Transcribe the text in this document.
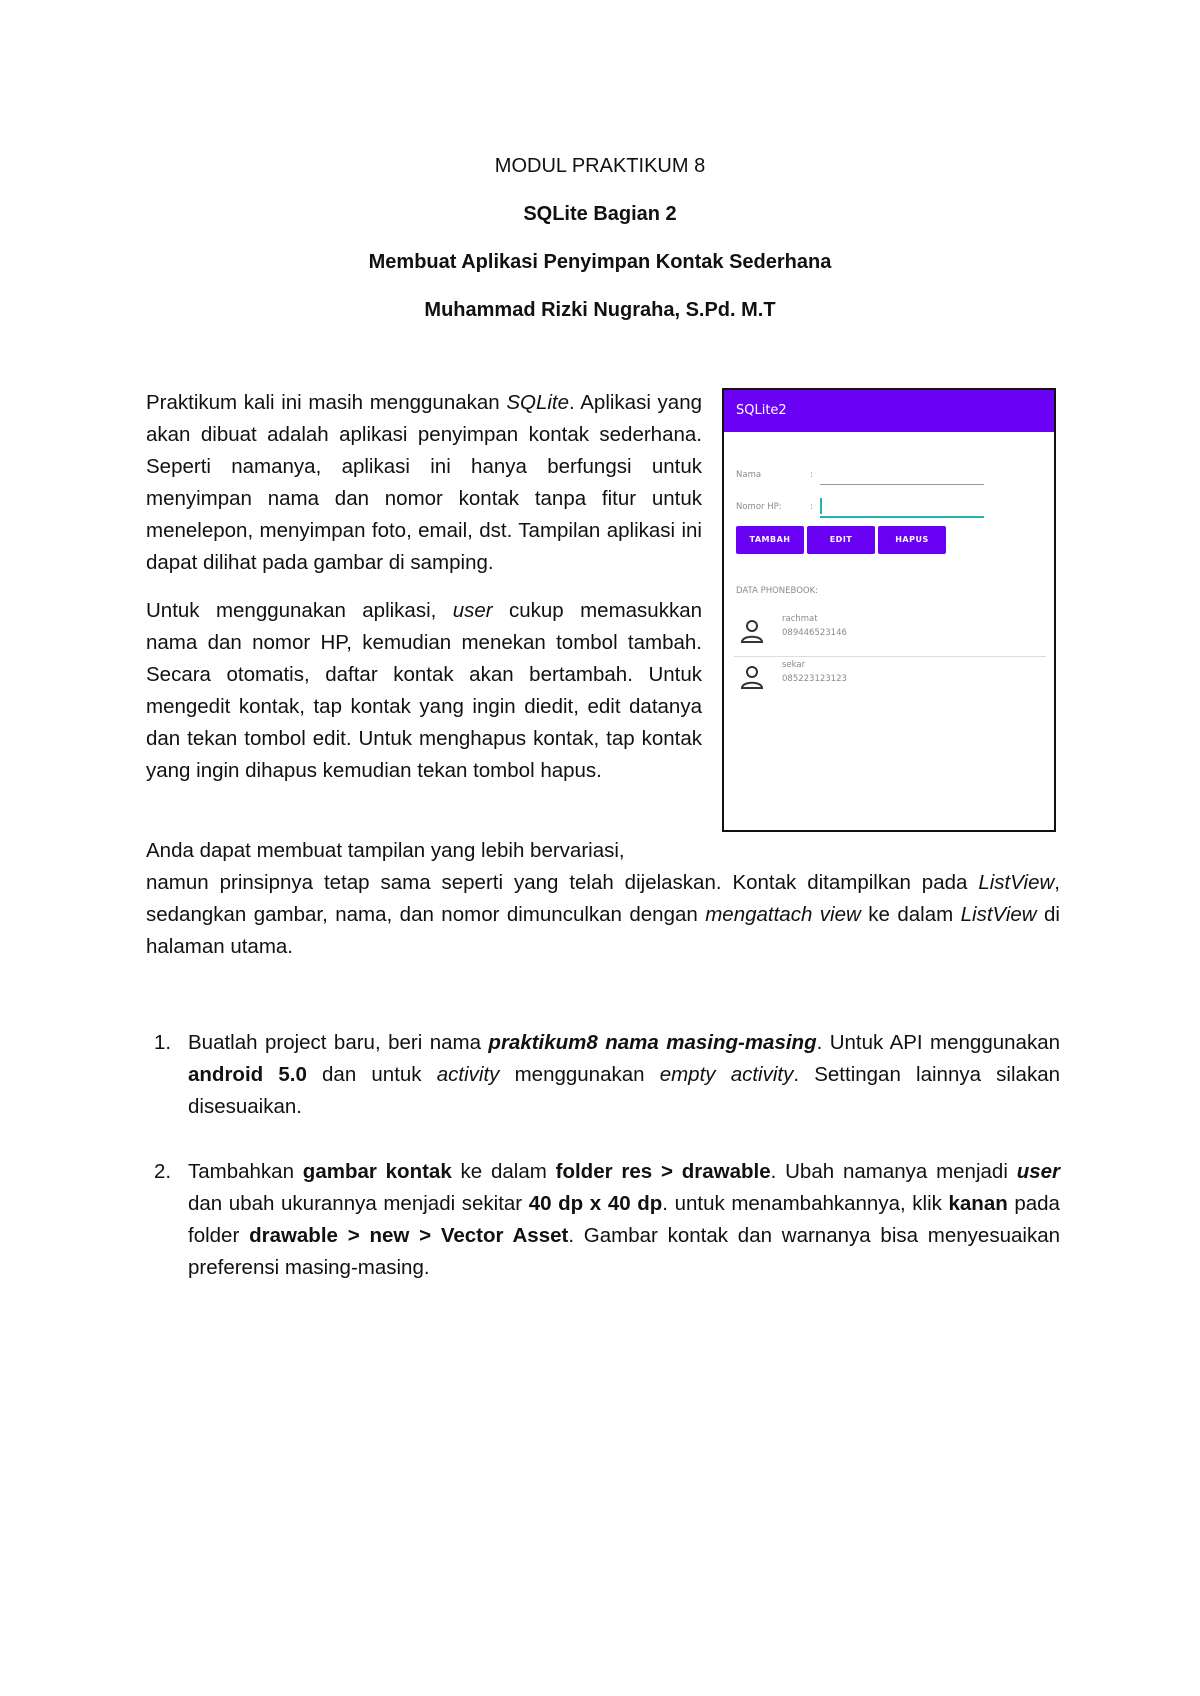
MODUL PRAKTIKUM 8

SQLite Bagian 2

Membuat Aplikasi Penyimpan Kontak Sederhana

Muhammad Rizki Nugraha, S.Pd. M.T

Praktikum kali ini masih menggunakan SQLite. Aplikasi yang akan dibuat adalah aplikasi penyimpan kontak sederhana. Seperti namanya, aplikasi ini hanya berfungsi untuk menyimpan nama dan nomor kontak tanpa fitur untuk menelepon, menyimpan foto, email, dst. Tampilan aplikasi ini dapat dilihat pada gambar di samping.

Untuk menggunakan aplikasi, user cukup memasukkan nama dan nomor HP, kemudian menekan tombol tambah. Secara otomatis, daftar kontak akan bertambah. Untuk mengedit kontak, tap kontak yang ingin diedit, edit datanya dan tekan tombol edit. Untuk menghapus kontak, tap kontak yang ingin dihapus kemudian tekan tombol hapus.

Anda dapat membuat tampilan yang lebih bervariasi,

namun prinsipnya tetap sama seperti yang telah dijelaskan. Kontak ditampilkan pada ListView, sedangkan gambar, nama, dan nomor dimunculkan dengan mengattach view ke dalam ListView di halaman utama.

SQLite2
Nama	:
Nomor HP:	:
TAMBAH	EDIT	HAPUS
DATA PHONEBOOK:
rachmat
089446523146
sekar
085223123123
1. Buatlah project baru, beri nama praktikum8 nama masing-masing. Untuk API menggunakan android 5.0 dan untuk activity menggunakan empty activity. Settingan lainnya silakan disesuaikan.
2. Tambahkan gambar kontak ke dalam folder res > drawable. Ubah namanya menjadi user dan ubah ukurannya menjadi sekitar 40 dp x 40 dp. untuk menambahkannya, klik kanan pada folder drawable > new > Vector Asset. Gambar kontak dan warnanya bisa menyesuaikan preferensi masing-masing.
